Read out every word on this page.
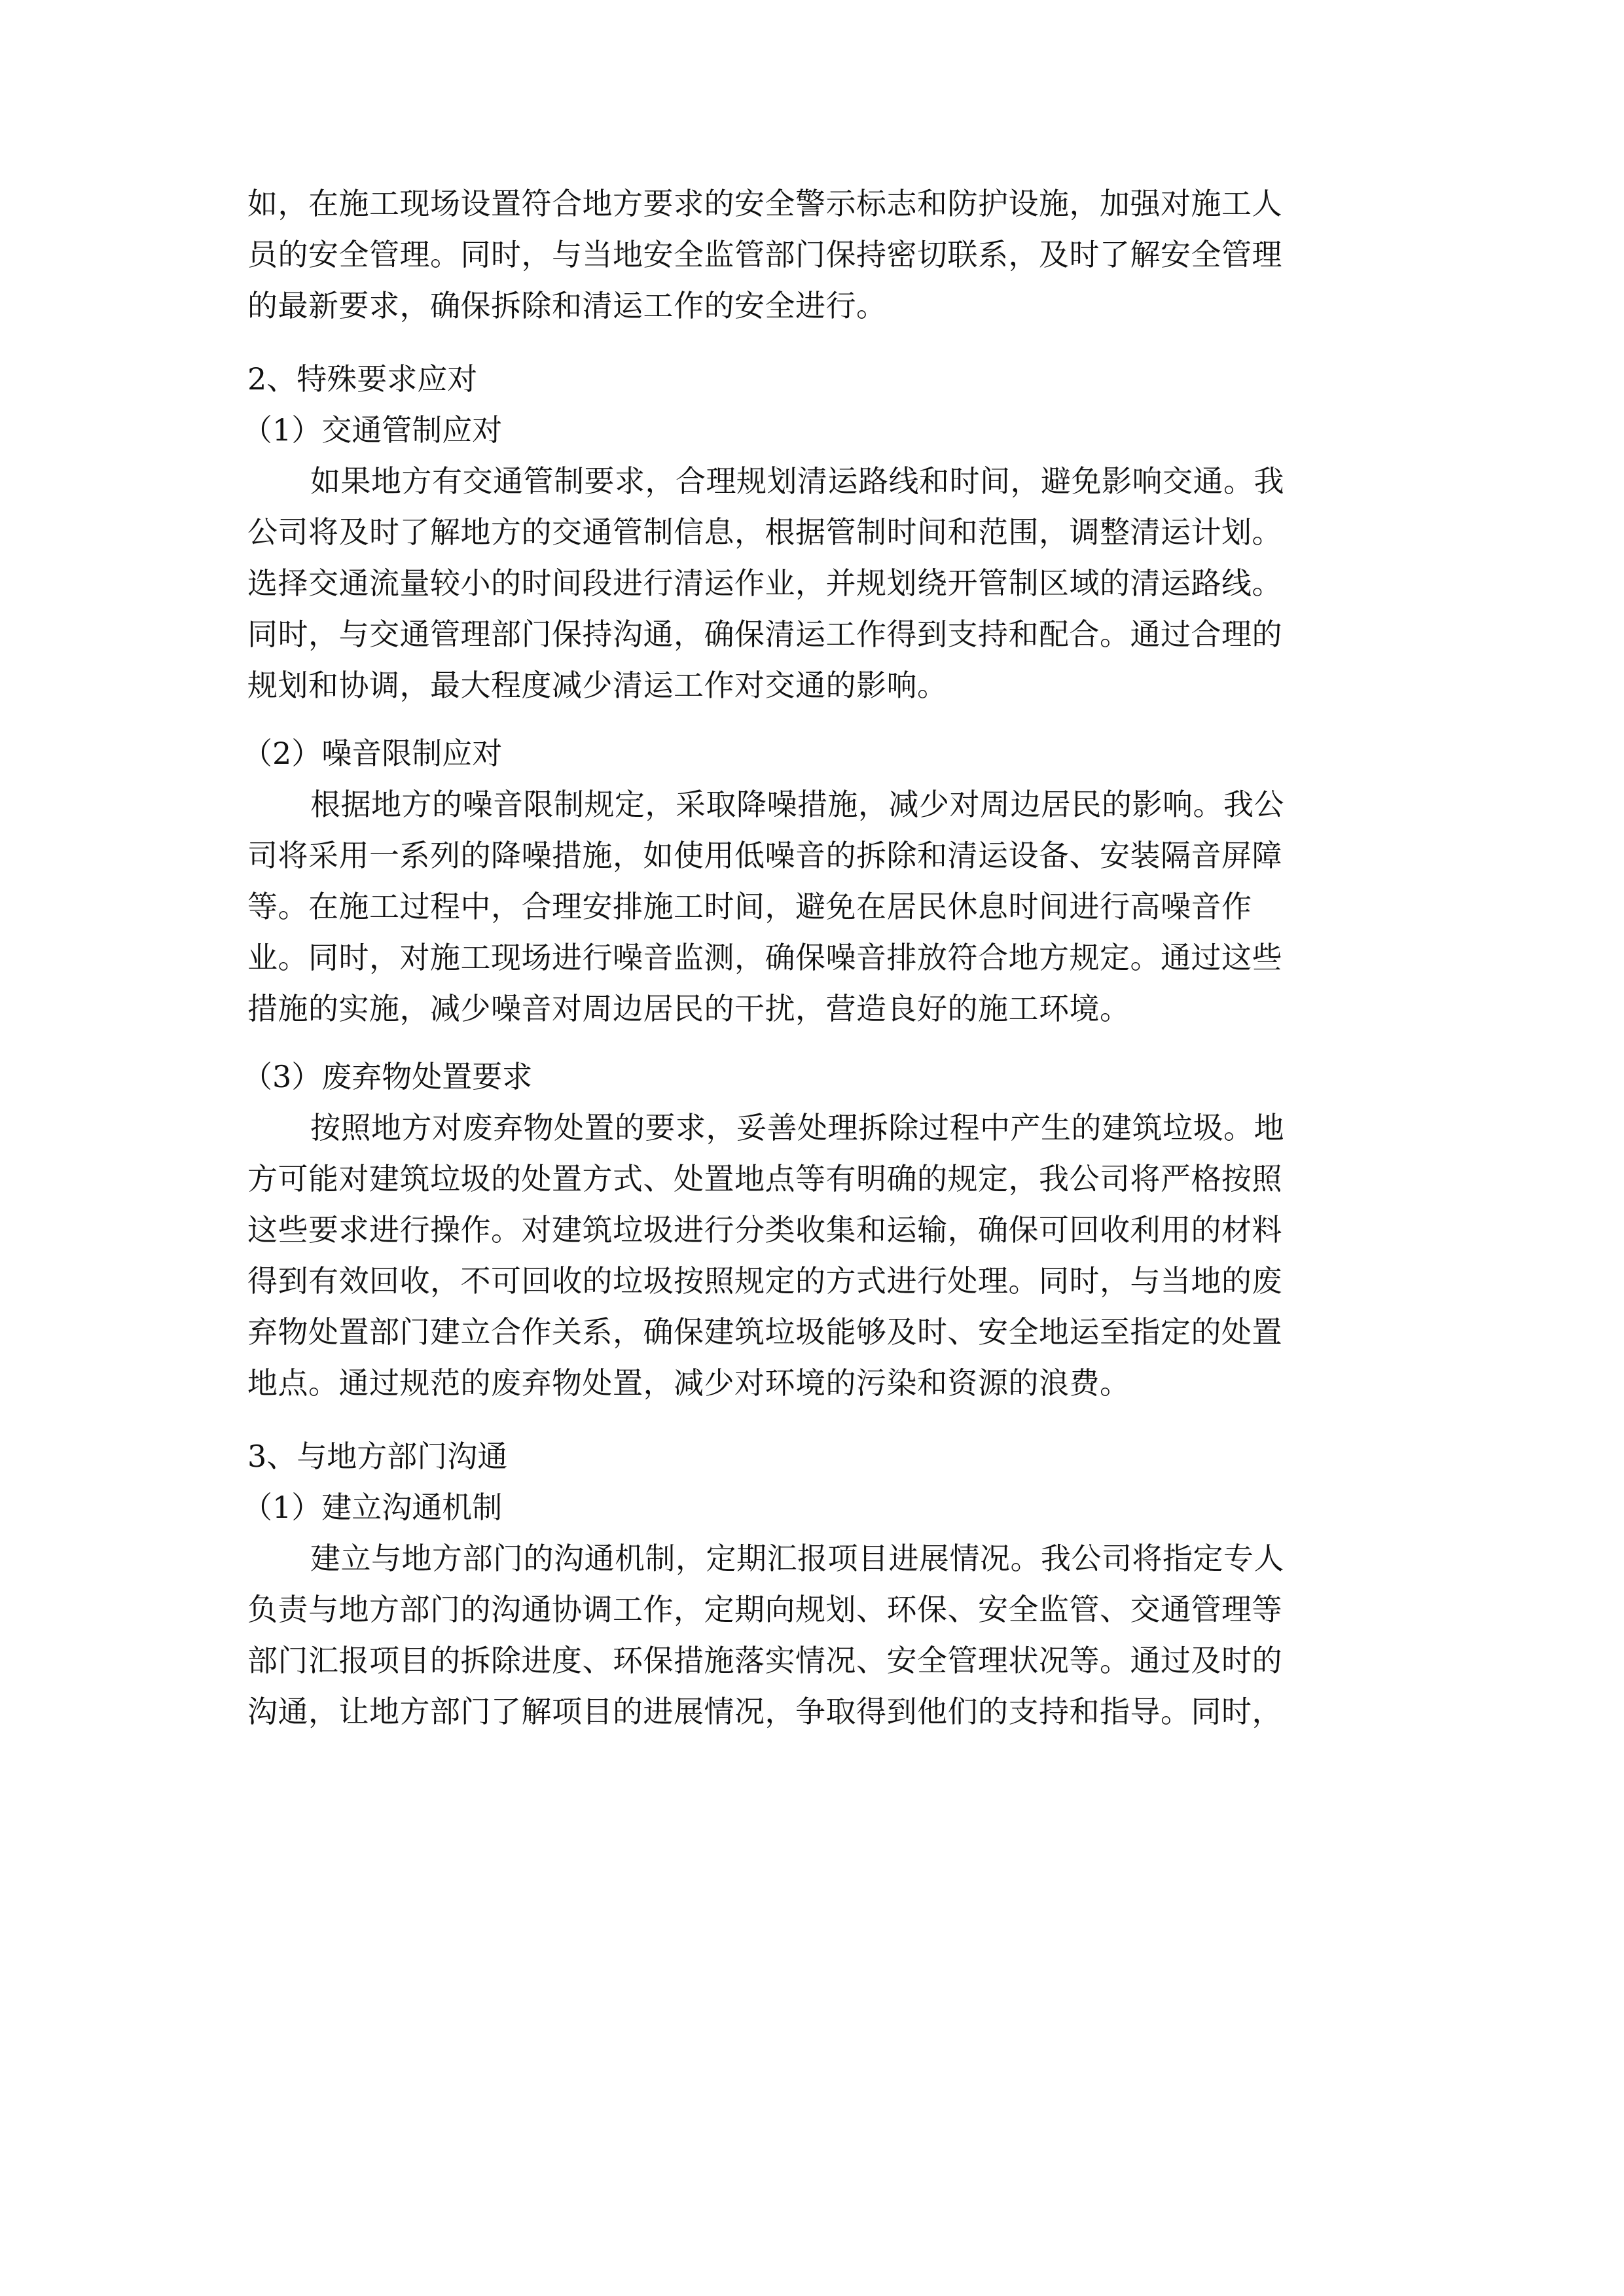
如，在施工现场设置符合地方要求的安全警示标志和防护设施，加强对施工人
员的安全管理。同时，与当地安全监管部门保持密切联系，及时了解安全管理
的最新要求，确保拆除和清运工作的安全进行。

2、特殊要求应对

（1）交通管制应对

如果地方有交通管制要求，合理规划清运路线和时间，避免影响交通。我
公司将及时了解地方的交通管制信息，根据管制时间和范围，调整清运计划。
选择交通流量较小的时间段进行清运作业，并规划绕开管制区域的清运路线。
同时，与交通管理部门保持沟通，确保清运工作得到支持和配合。通过合理的
规划和协调，最大程度减少清运工作对交通的影响。

（2）噪音限制应对

根据地方的噪音限制规定，采取降噪措施，减少对周边居民的影响。我公
司将采用一系列的降噪措施，如使用低噪音的拆除和清运设备、安装隔音屏障
等。在施工过程中，合理安排施工时间，避免在居民休息时间进行高噪音作
业。同时，对施工现场进行噪音监测，确保噪音排放符合地方规定。通过这些
措施的实施，减少噪音对周边居民的干扰，营造良好的施工环境。

（3）废弃物处置要求

按照地方对废弃物处置的要求，妥善处理拆除过程中产生的建筑垃圾。地
方可能对建筑垃圾的处置方式、处置地点等有明确的规定，我公司将严格按照
这些要求进行操作。对建筑垃圾进行分类收集和运输，确保可回收利用的材料
得到有效回收，不可回收的垃圾按照规定的方式进行处理。同时，与当地的废
弃物处置部门建立合作关系，确保建筑垃圾能够及时、安全地运至指定的处置
地点。通过规范的废弃物处置，减少对环境的污染和资源的浪费。

3、与地方部门沟通

（1）建立沟通机制

建立与地方部门的沟通机制，定期汇报项目进展情况。我公司将指定专人
负责与地方部门的沟通协调工作，定期向规划、环保、安全监管、交通管理等
部门汇报项目的拆除进度、环保措施落实情况、安全管理状况等。通过及时的
沟通，让地方部门了解项目的进展情况，争取得到他们的支持和指导。同时，
